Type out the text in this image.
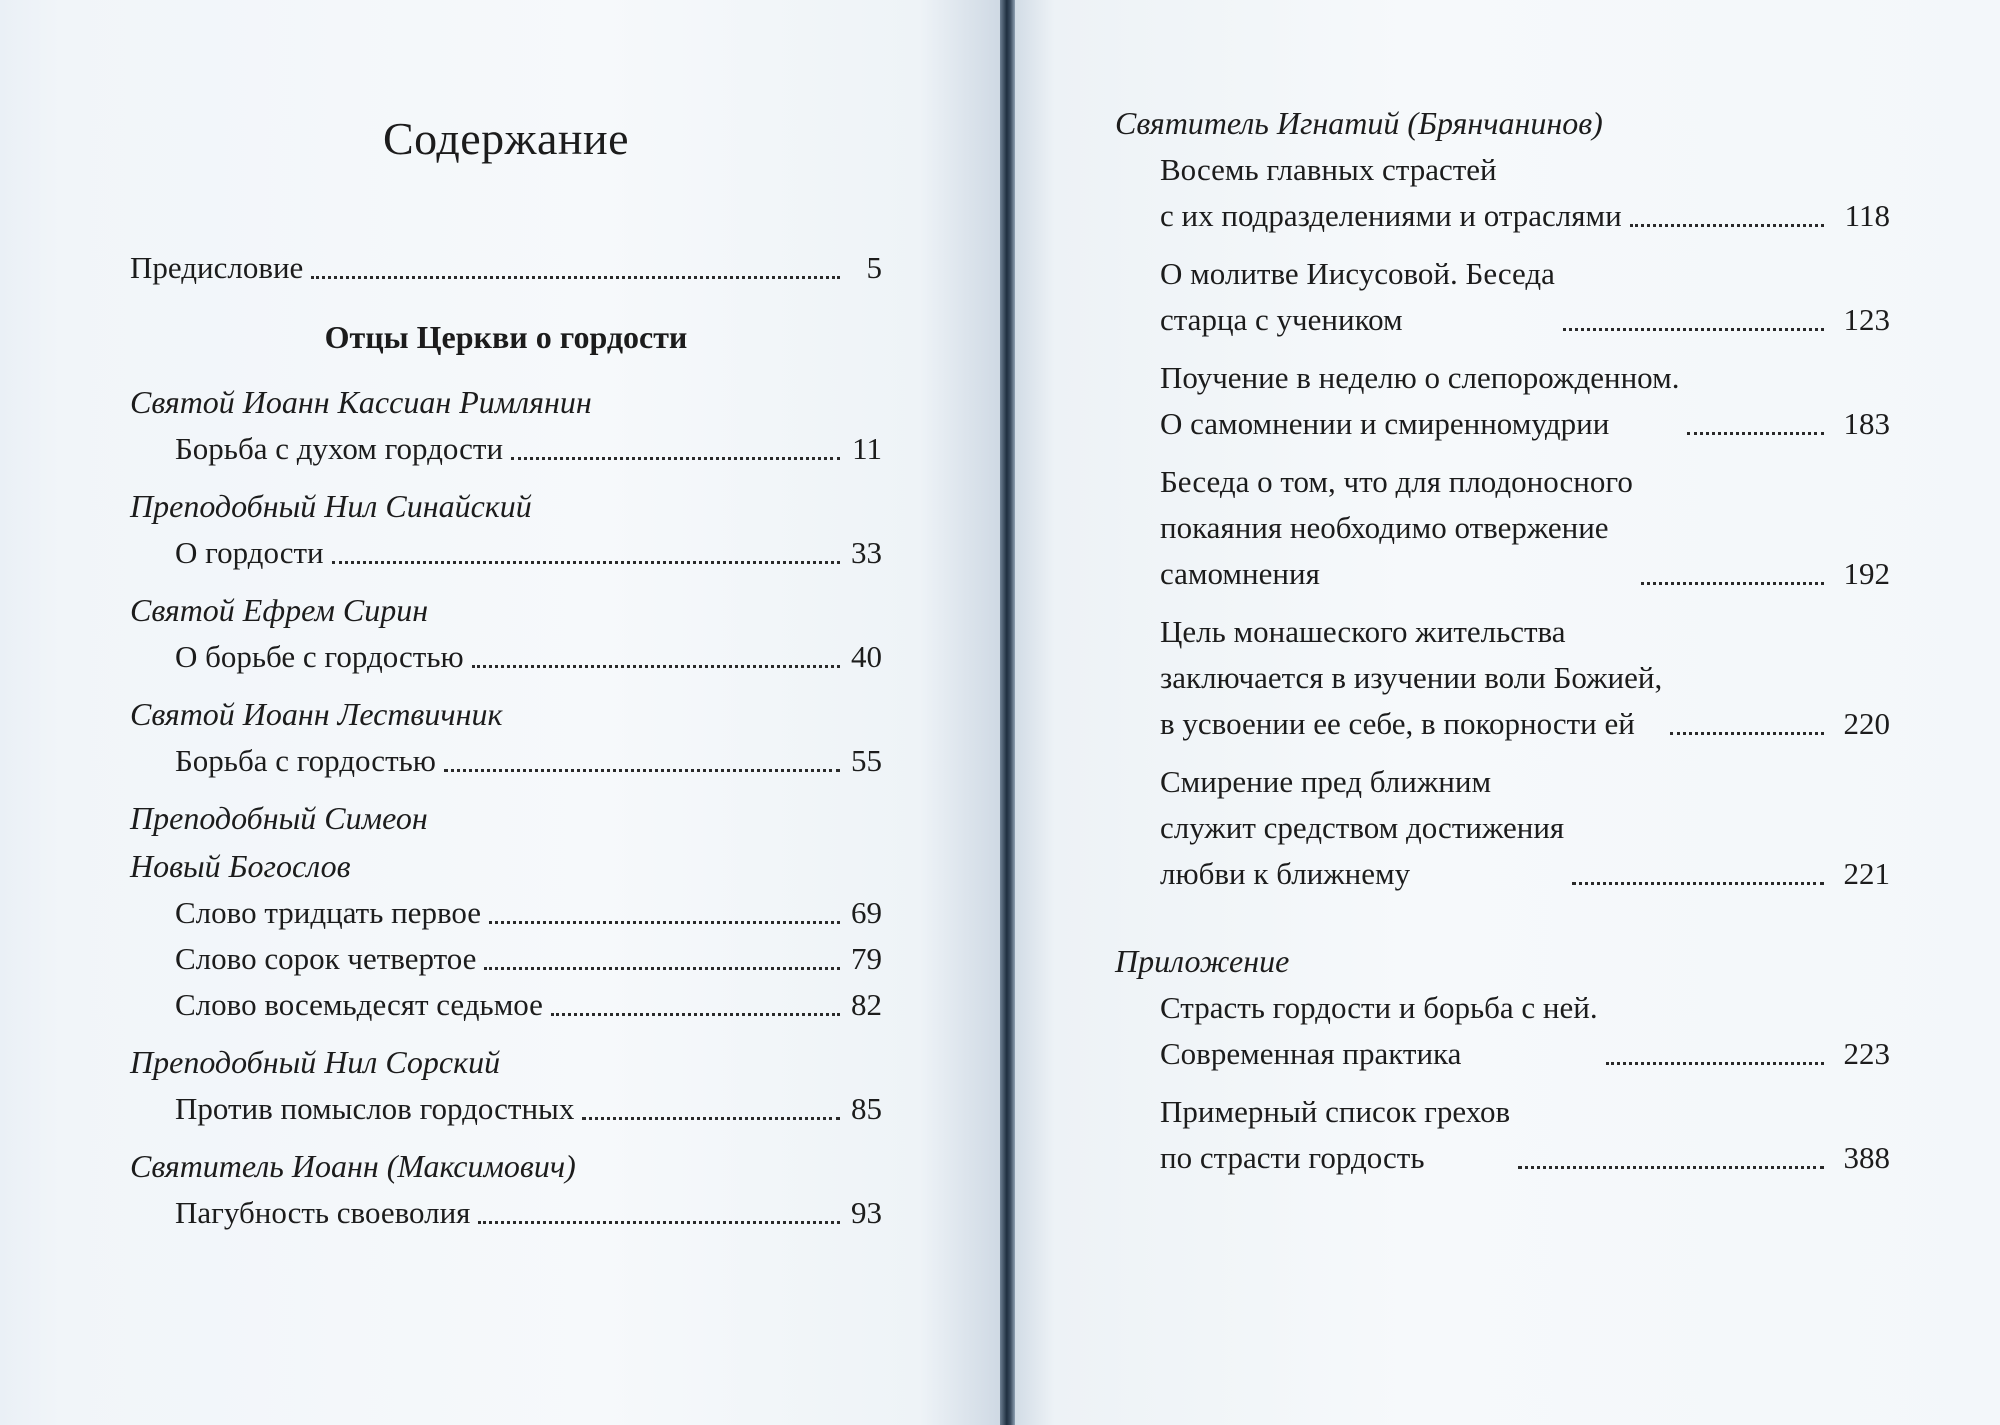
Содержание
Предисловие	5
Отцы Церкви о гордости
Святой Иоанн Кассиан Римлянин
Борьба с духом гордости	11
Преподобный Нил Синайский
О гордости	33
Святой Ефрем Сирин
О борьбе с гордостью	40
Святой Иоанн Лествичник
Борьба с гордостью	55
Преподобный Симеон
Новый Богослов
Слово тридцать первое	69
Слово сорок четвертое	79
Слово восемьдесят седьмое	82
Преподобный Нил Сорский
Против помыслов гордостных	85
Святитель Иоанн (Максимович)
Пагубность своеволия	93
Святитель Игнатий (Брянчанинов)
Восемь главных страстей
с их подразделениями и отраслями	118
О молитве Иисусовой. Беседа
старца с учеником	123
Поучение в неделю о слепорожденном.
О самомнении и смиренномудрии	183
Беседа о том, что для плодоносного
покаяния необходимо отвержение
самомнения	192
Цель монашеского жительства
заключается в изучении воли Божией,
в усвоении ее себе, в покорности ей	220
Смирение пред ближним
служит средством достижения
любви к ближнему	221
Приложение
Страсть гордости и борьба с ней.
Современная практика	223
Примерный список грехов
по страсти гордость	388
